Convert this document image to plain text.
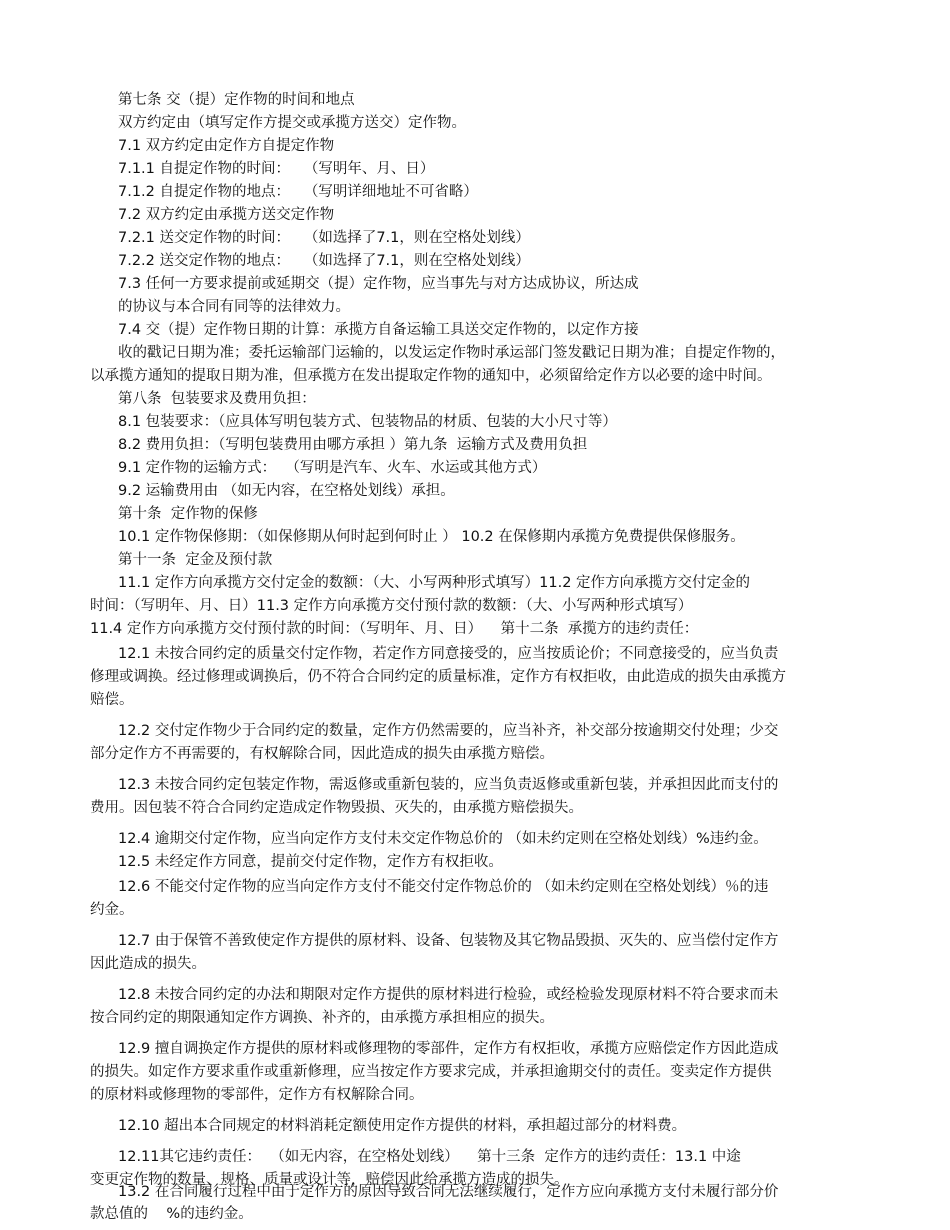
第七条 交（提）定作物的时间和地点
双方约定由（填写定作方提交或承揽方送交）定作物。
7.1 双方约定由定作方自提定作物
7.1.1 自提定作物的时间：   （写明年、月、日）
7.1.2 自提定作物的地点：   （写明详细地址不可省略）
7.2 双方约定由承揽方送交定作物
7.2.1 送交定作物的时间：   （如选择了7.1，则在空格处划线）
7.2.2 送交定作物的地点：   （如选择了7.1，则在空格处划线）
7.3 任何一方要求提前或延期交（提）定作物，应当事先与对方达成协议，所达成
的协议与本合同有同等的法律效力。
7.4 交（提）定作物日期的计算：承揽方自备运输工具送交定作物的，以定作方接
收的戳记日期为准；委托运输部门运输的，以发运定作物时承运部门签发戳记日期为准；自提定作物的，
以承揽方通知的提取日期为准，但承揽方在发出提取定作物的通知中，必须留给定作方以必要的途中时间。
第八条  包装要求及费用负担：
8.1 包装要求：（应具体写明包装方式、包装物品的材质、包装的大小尺寸等）
8.2 费用负担：（写明包装费用由哪方承担 ）第九条  运输方式及费用负担
9.1 定作物的运输方式：  （写明是汽车、火车、水运或其他方式）
9.2 运输费用由 （如无内容，在空格处划线）承担。
第十条  定作物的保修
10.1 定作物保修期：（如保修期从何时起到何时止 ） 10.2 在保修期内承揽方免费提供保修服务。
第十一条  定金及预付款
11.1 定作方向承揽方交付定金的数额：（大、小写两种形式填写）11.2 定作方向承揽方交付定金的
时间：（写明年、月、日）11.3 定作方向承揽方交付预付款的数额：（大、小写两种形式填写）
11.4 定作方向承揽方交付预付款的时间：（写明年、月、日）    第十二条  承揽方的违约责任：
12.1 未按合同约定的质量交付定作物，若定作方同意接受的，应当按质论价；不同意接受的，应当负责
修理或调换。经过修理或调换后，仍不符合合同约定的质量标准，定作方有权拒收，由此造成的损失由承揽方
赔偿。
12.2 交付定作物少于合同约定的数量，定作方仍然需要的，应当补齐，补交部分按逾期交付处理；少交
部分定作方不再需要的，有权解除合同，因此造成的损失由承揽方赔偿。
12.3 未按合同约定包装定作物，需返修或重新包装的，应当负责返修或重新包装，并承担因此而支付的
费用。因包装不符合合同约定造成定作物毁损、灭失的，由承揽方赔偿损失。
12.4 逾期交付定作物，应当向定作方支付未交定作物总价的 （如未约定则在空格处划线）%违约金。
12.5 未经定作方同意，提前交付定作物，定作方有权拒收。
12.6 不能交付定作物的应当向定作方支付不能交付定作物总价的 （如未约定则在空格处划线）％的违
约金。
12.7 由于保管不善致使定作方提供的原材料、设备、包装物及其它物品毁损、灭失的、应当偿付定作方
因此造成的损失。
12.8 未按合同约定的办法和期限对定作方提供的原材料进行检验，或经检验发现原材料不符合要求而未
按合同约定的期限通知定作方调换、补齐的，由承揽方承担相应的损失。
12.9 擅自调换定作方提供的原材料或修理物的零部件，定作方有权拒收，承揽方应赔偿定作方因此造成
的损失。如定作方要求重作或重新修理，应当按定作方要求完成，并承担逾期交付的责任。变卖定作方提供
的原材料或修理物的零部件，定作方有权解除合同。
12.10 超出本合同规定的材料消耗定额使用定作方提供的材料，承担超过部分的材料费。
12.11其它违约责任：  （如无内容，在空格处划线）    第十三条  定作方的违约责任：13.1 中途
变更定作物的数量、规格、质量或设计等，赔偿因此给承揽方造成的损失。
13.2 在合同履行过程中由于定作方的原因导致合同无法继续履行，定作方应向承揽方支付未履行部分价
款总值的    %的违约金。
